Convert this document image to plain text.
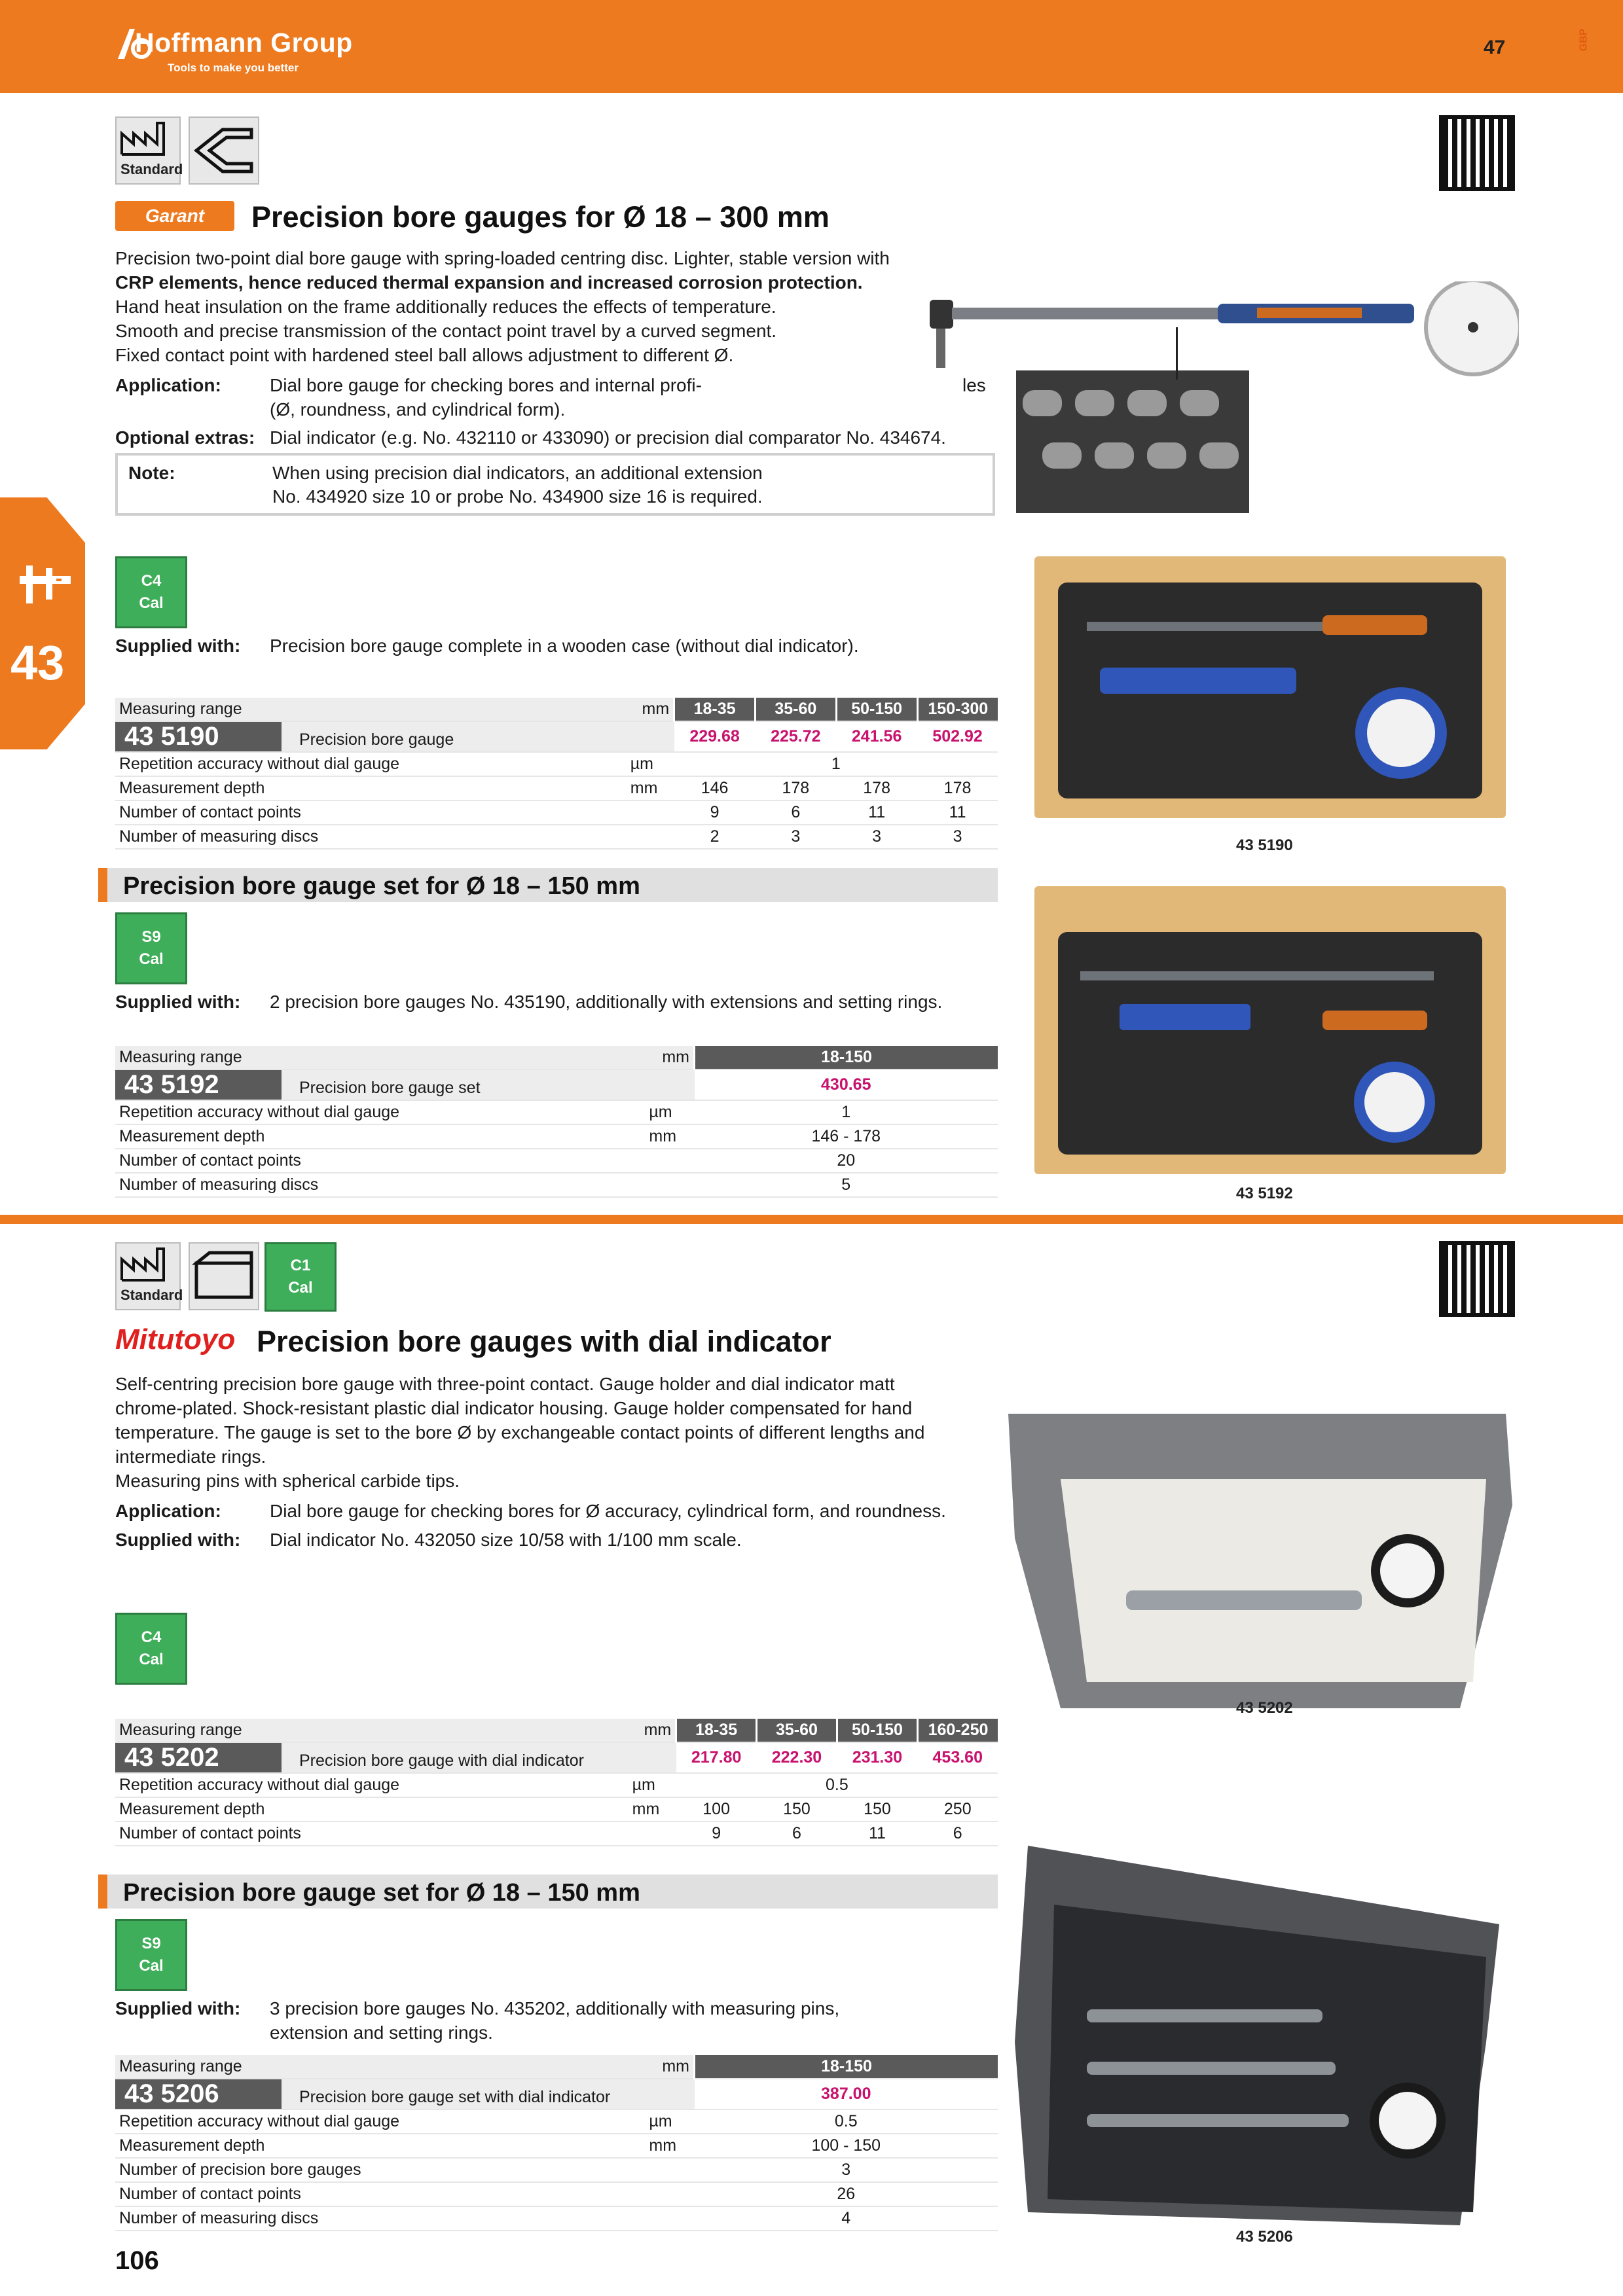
Hoffmann Group
Tools to make you better
47	GBP
43
Standard
Garant	Precision bore gauges for Ø 18 – 300 mm
Precision two-point dial bore gauge with spring-loaded centring disc. Lighter, stable version with
CRP elements, hence reduced thermal expansion and increased corrosion protection.
Hand heat insulation on the frame additionally reduces the effects of temperature.
Smooth and precise transmission of the contact point travel by a curved segment.
Fixed contact point with hardened steel ball allows adjustment to different Ø.
Application:	Dial bore gauge for checking bores and internal profi-	les
(Ø, roundness, and cylindrical form).
Optional extras: Dial indicator (e.g. No. 432110 or 433090) or precision dial comparator No. 434674.
Note:	When using precision dial indicators, an additional extension
No. 434920 size 10 or probe No. 434900 size 16 is required.
C4
Cal
Supplied with: Precision bore gauge complete in a wooden case (without dial indicator).
Measuring range	mm	18-35	35-60	50-150	150-300
43 5190 Precision bore gauge		229.68	225.72	241.56	502.92
Repetition accuracy without dial gauge	µm	1			
Measurement depth	mm	146	178	178	178
Number of contact points		9	6	11	11
Number of measuring discs		2	3	3	3	43 5190
Precision bore gauge set for Ø 18 – 150 mm
S9
Cal
Supplied with: 2 precision bore gauges No. 435190, additionally with extensions and setting rings.
Measuring range	mm	18-150
43 5192 Precision bore gauge set		430.65
Repetition accuracy without dial gauge	µm	1
Measurement depth	mm	146 - 178
Number of contact points		20
Number of measuring discs		5	43 5192
Standard
C1
Cal
Mitutoyo Precision bore gauges with dial indicator
Self-centring precision bore gauge with three-point contact. Gauge holder and dial indicator matt
chrome-plated. Shock-resistant plastic dial indicator housing. Gauge holder compensated for hand
temperature. The gauge is set to the bore Ø by exchangeable contact points of different lengths and
intermediate rings.
Measuring pins with spherical carbide tips.
Application:	Dial bore gauge for checking bores for Ø accuracy, cylindrical form, and roundness.
Supplied with: Dial indicator No. 432050 size 10/58 with 1/100 mm scale.
C4
Cal
Measuring range	mm	18-35	35-60	50-150	160-250
43 5202 Precision bore gauge with dial indicator		217.80	222.30	231.30	453.60
Repetition accuracy without dial gauge	µm	0.5			
Measurement depth	mm	100	150	150	250
Number of contact points		9	6	11	6
43 5202
Precision bore gauge set for Ø 18 – 150 mm
S9
Cal
Supplied with: 3 precision bore gauges No. 435202, additionally with measuring pins,
extension and setting rings.
Measuring range	mm	18-150
43 5206 Precision bore gauge set with dial indicator		387.00
Repetition accuracy without dial gauge	µm	0.5
Measurement depth	mm	100 - 150
Number of precision bore gauges		3
Number of contact points		26
Number of measuring discs		4
43 5206
106
